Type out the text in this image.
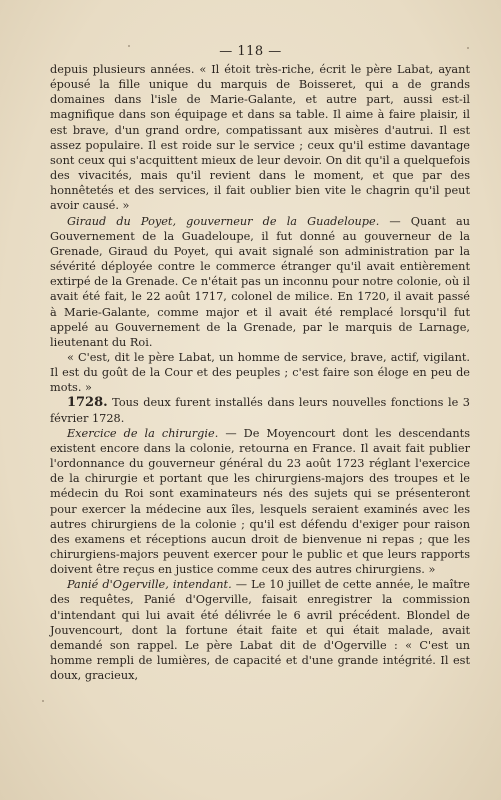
— 118 —

depuis plusieurs années. « Il étoit très-riche, écrit le père Labat, ayant épousé la fille unique du marquis de Boisseret, qui a de grands domaines dans l'isle de Marie-Galante, et autre part, aussi est-il magnifique dans son équipage et dans sa table. Il aime à faire plaisir, il est brave, d'un grand ordre, compatissant aux misères d'autrui. Il est assez populaire. Il est roide sur le service ; ceux qu'il estime davantage sont ceux qui s'acquittent mieux de leur devoir. On dit qu'il a quelquefois des vivacités, mais qu'il revient dans le moment, et que par des honnêtetés et des services, il fait oublier bien vite le chagrin qu'il peut avoir causé. »

Giraud du Poyet, gouverneur de la Guadeloupe. — Quant au Gouvernement de la Guadeloupe, il fut donné au gouverneur de la Grenade, Giraud du Poyet, qui avait signalé son administration par la sévérité déployée contre le commerce étranger qu'il avait entièrement extirpé de la Grenade. Ce n'était pas un inconnu pour notre colonie, où il avait été fait, le 22 août 1717, colonel de milice. En 1720, il avait passé à Marie-Galante, comme major et il avait été remplacé lorsqu'il fut appelé au Gouvernement de la Grenade, par le marquis de Larnage, lieutenant du Roi.

« C'est, dit le père Labat, un homme de service, brave, actif, vigilant. Il est du goût de la Cour et des peuples ; c'est faire son éloge en peu de mots. »

1728. Tous deux furent installés dans leurs nouvelles fonctions le 3 février 1728.

Exercice de la chirurgie. — De Moyencourt dont les descendants existent encore dans la colonie, retourna en France. Il avait fait publier l'ordonnance du gouverneur général du 23 août 1723 réglant l'exercice de la chirurgie et portant que les chirurgiens-majors des troupes et le médecin du Roi sont examinateurs nés des sujets qui se présenteront pour exercer la médecine aux îles, lesquels seraient examinés avec les autres chirurgiens de la colonie ; qu'il est défendu d'exiger pour raison des examens et réceptions aucun droit de bienvenue ni repas ; que les chirurgiens-majors peuvent exercer pour le public et que leurs rapports doivent être reçus en justice comme ceux des autres chirurgiens. »

Panié d'Ogerville, intendant. — Le 10 juillet de cette année, le maître des requêtes, Panié d'Ogerville, faisait enregistrer la commission d'intendant qui lui avait été délivrée le 6 avril précédent. Blondel de Jouvencourt, dont la fortune était faite et qui était malade, avait demandé son rappel. Le père Labat dit de d'Ogerville : « C'est un homme rempli de lumières, de capacité et d'une grande intégrité. Il est doux, gracieux,
